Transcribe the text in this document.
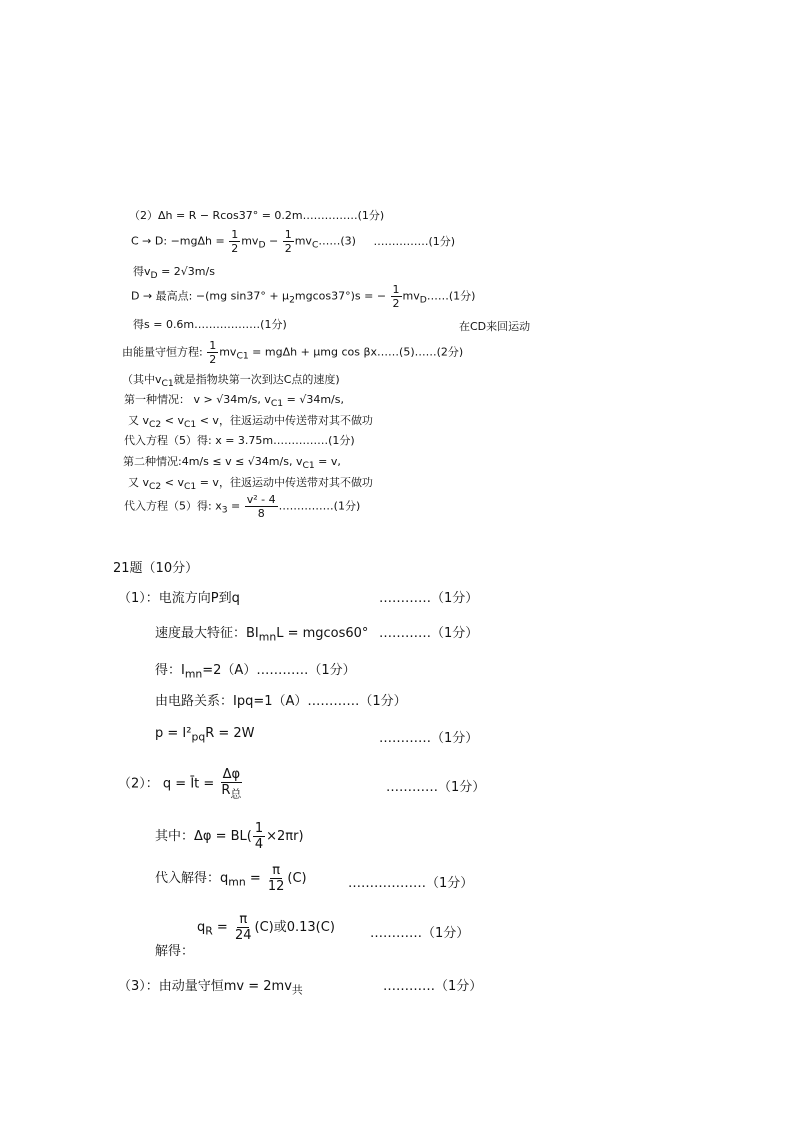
（2）Δh = R − Rcos37° = 0.2m……………(1分)
C → D: $-mg\Delta h = \frac{1}{2} mv_D - \frac{1}{2}$ $mv_C\dots\dots(3)$ ……………(1分)
得$v_D = 2√3m/s$
D → 最高点: −(mg $\sin 37^\circ + \mu_2mgcos37^\circ)s$ = − $\frac{1}{2}$ $mv_D\dots\dots(1$分)
得s = 0.6m………………(1分)	在CD来回运动
由能量守恒方程: $\frac{1}{2} mv_{C1} = mg\Delta h + \mu mg$ cos βx……(5)……(2分)
（其中$v_{C1}$就是指物块第一次到达C点的速度)
第一种情况： v > √34m/s, $v_{C1} = √34m/s$,
又 $v_{C2} < v_{C1} < v$，往返运动中传送带对其不做功
代入方程（5）得: x = 3.75m……………(1分)
第二种情况:4m/s ≤ v ≤ √34m/s, $v_{C1} = v$,
又 $v_{C2} < v_{C1} = v$，往返运动中传送带对其不做功
代入方程（5）得: $x_3 = \frac{\text{v² - 4}}{8}$ ……………(1分)
21题（10分）
（1）：电流方向P到q	…………（1分）
速度最大特征：$BI_{mn}L = mgcos60^\circ$ …………（1分）
得：$I_{mn}=2(A)\dots\dots\dots\dots(1$分）
由电路关系：Ipq=1（A）…………（1分）
$p = I^2_{pq}R = 2W$	…………（1分）
（2）： q = Īt = $\frac{\Delta\varphi}{R_总}$	…………（1分）
其中：$\Delta\varphi = BL( \frac{1}{4} \times 2\pi r)$
代入解得：$q_{mn} = \frac{\pi}{12} (C)$	………………（1分）
$q_R = \frac{\pi}{24} (C)$或0.13(C)	…………（1分）
解得：
（3）：由动量守恒mv = $2mv_共$	…………（1分）
